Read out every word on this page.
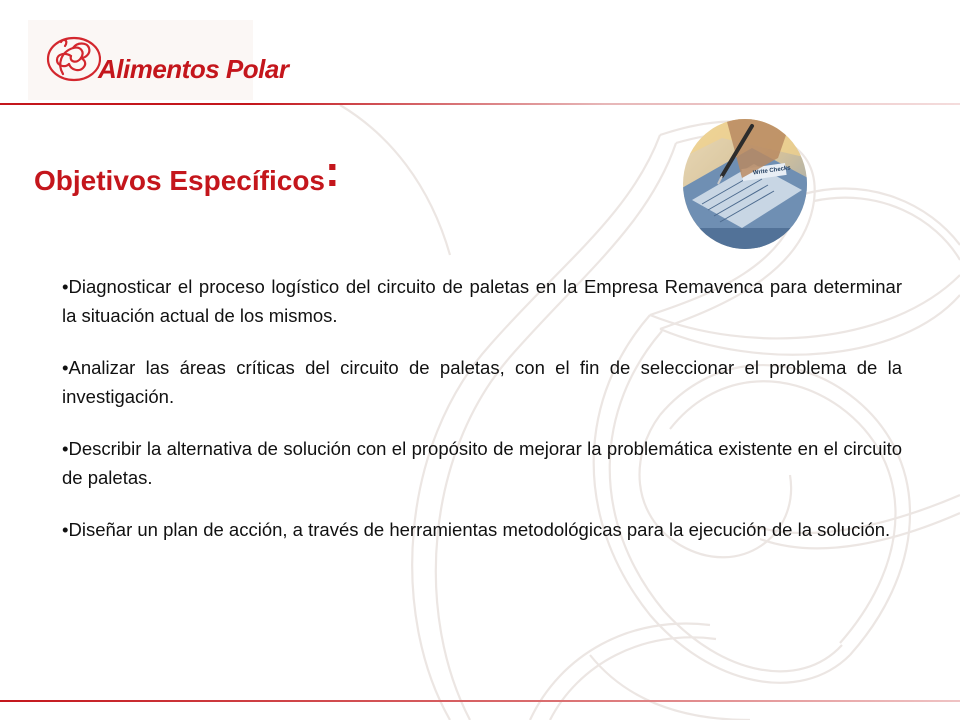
Alimentos Polar
Write Checks
Objetivos Específicos:

•Diagnosticar el proceso logístico del circuito de paletas en la Empresa Remavenca para determinar la situación actual de los mismos.

•Analizar las áreas críticas del circuito de paletas, con el fin de seleccionar el problema de la investigación.

•Describir la alternativa de solución con el propósito de mejorar la problemática existente en el circuito de paletas.

•Diseñar un plan de acción, a través de herramientas metodológicas para la ejecución de la solución.
